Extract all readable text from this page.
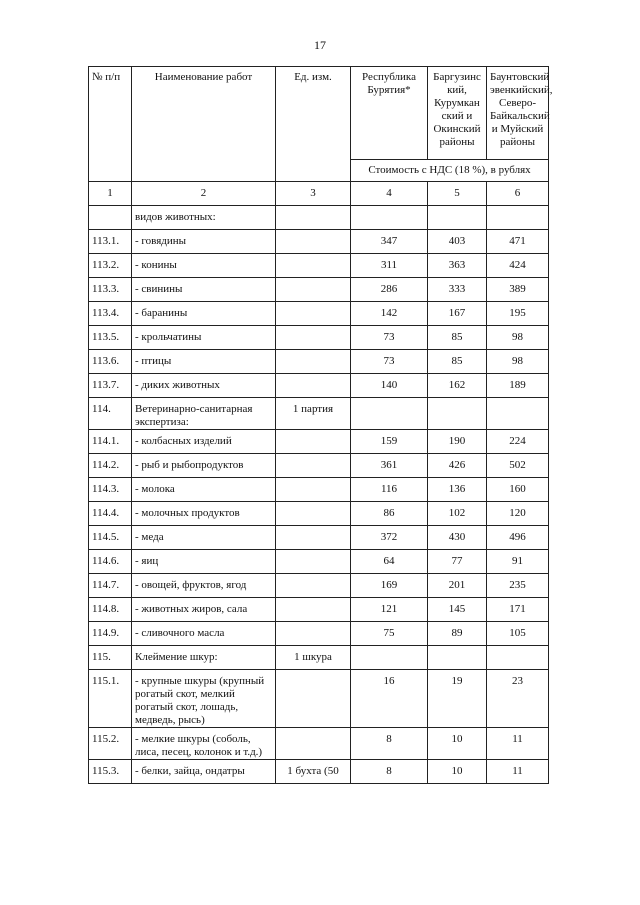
17
№ п/п	Наименование работ	Ед. изм.	Республика Бурятия*	Баргузинс кий, Курумкан ский и Окинский районы	Баунтовский эвенкийский, Северо-Байкальский и Муйский районы
			Стоимость с НДС (18 %), в рублях		
1	2	3	4	5	6
	видов животных:				
113.1.	- говядины		347	403	471
113.2.	- конины		311	363	424
113.3.	- свинины		286	333	389
113.4.	- баранины		142	167	195
113.5.	- крольчатины		73	85	98
113.6.	- птицы		73	85	98
113.7.	- диких животных		140	162	189
114.	Ветеринарно-санитарная экспертиза:	1 партия			
114.1.	- колбасных изделий		159	190	224
114.2.	- рыб и рыбопродуктов		361	426	502
114.3.	- молока		116	136	160
114.4.	- молочных продуктов		86	102	120
114.5.	- меда		372	430	496
114.6.	- яиц		64	77	91
114.7.	- овощей, фруктов, ягод		169	201	235
114.8.	- животных жиров, сала		121	145	171
114.9.	- сливочного масла		75	89	105
115.	Клеймение шкур:	1 шкура			
115.1.	- крупные шкуры (крупный рогатый скот, мелкий рогатый скот, лошадь, медведь, рысь)		16	19	23
115.2.	- мелкие шкуры (соболь, лиса, песец, колонок и т.д.)		8	10	11
115.3.	- белки, зайца, ондатры	1 бухта (50	8	10	11
